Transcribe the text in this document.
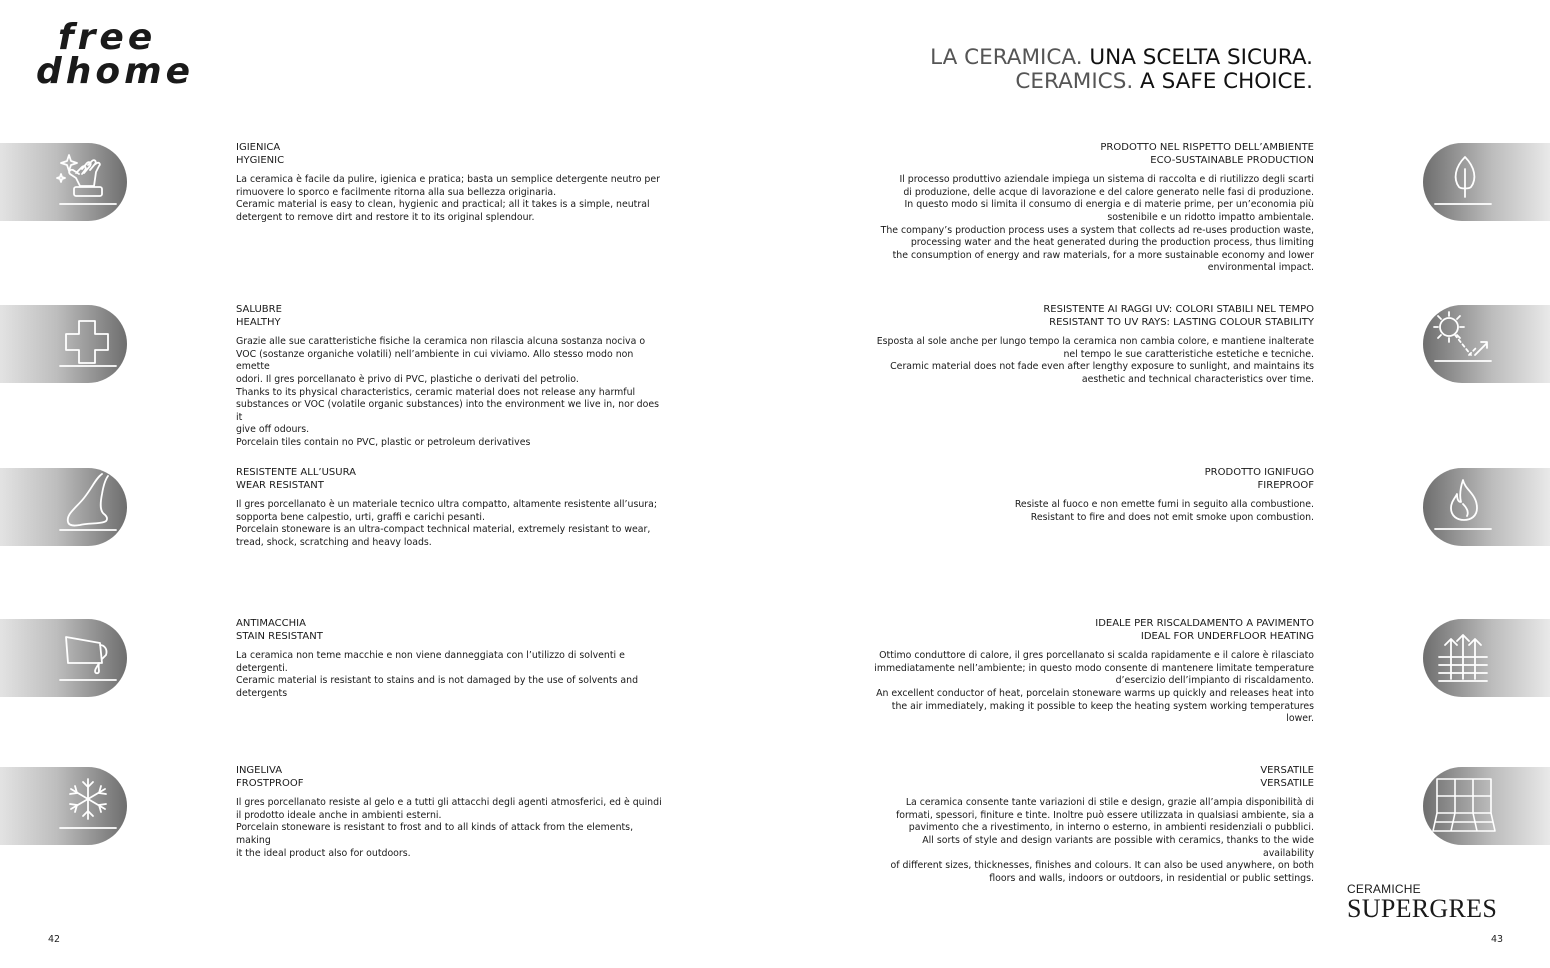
free
dhome	LA CERAMICA. UNA SCELTA SICURA.
CERAMICS. A SAFE CHOICE.
IGIENICA
HYGIENIC
La ceramica è facile da pulire, igienica e pratica; basta un semplice detergente neutro per
rimuovere lo sporco e facilmente ritorna alla sua bellezza originaria.
Ceramic material is easy to clean, hygienic and practical; all it takes is a simple, neutral
detergent to remove dirt and restore it to its original splendour.
SALUBRE
HEALTHY
Grazie alle sue caratteristiche fisiche la ceramica non rilascia alcuna sostanza nociva o
VOC (sostanze organiche volatili) nell’ambiente in cui viviamo. Allo stesso modo non emette
odori. Il gres porcellanato è privo di PVC, plastiche o derivati del petrolio.
Thanks to its physical characteristics, ceramic material does not release any harmful
substances or VOC (volatile organic substances) into the environment we live in, nor does it
give off odours.
Porcelain tiles contain no PVC, plastic or petroleum derivatives
RESISTENTE ALL’USURA
WEAR RESISTANT
Il gres porcellanato è un materiale tecnico ultra compatto, altamente resistente all’usura;
sopporta bene calpestio, urti, graffi e carichi pesanti.
Porcelain stoneware is an ultra-compact technical material, extremely resistant to wear,
tread, shock, scratching and heavy loads.
ANTIMACCHIA
STAIN RESISTANT
La ceramica non teme macchie e non viene danneggiata con l’utilizzo di solventi e
detergenti.
Ceramic material is resistant to stains and is not damaged by the use of solvents and
detergents
INGELIVA
FROSTPROOF
Il gres porcellanato resiste al gelo e a tutti gli attacchi degli agenti atmosferici, ed è quindi
il prodotto ideale anche in ambienti esterni.
Porcelain stoneware is resistant to frost and to all kinds of attack from the elements, making
it the ideal product also for outdoors.
PRODOTTO NEL RISPETTO DELL’AMBIENTE
ECO-SUSTAINABLE PRODUCTION
Il processo produttivo aziendale impiega un sistema di raccolta e di riutilizzo degli scarti
di produzione, delle acque di lavorazione e del calore generato nelle fasi di produzione.
In questo modo si limita il consumo di energia e di materie prime, per un’economia più
sostenibile e un ridotto impatto ambientale.
The company’s production process uses a system that collects ad re-uses production waste,
processing water and the heat generated during the production process, thus limiting
the consumption of energy and raw materials, for a more sustainable economy and lower
environmental impact.
RESISTENTE AI RAGGI UV: COLORI STABILI NEL TEMPO
RESISTANT TO UV RAYS: LASTING COLOUR STABILITY
Esposta al sole anche per lungo tempo la ceramica non cambia colore, e mantiene inalterate
nel tempo le sue caratteristiche estetiche e tecniche.
Ceramic material does not fade even after lengthy exposure to sunlight, and maintains its
aesthetic and technical characteristics over time.
PRODOTTO IGNIFUGO
FIREPROOF
Resiste al fuoco e non emette fumi in seguito alla combustione.
Resistant to fire and does not emit smoke upon combustion.
IDEALE PER RISCALDAMENTO A PAVIMENTO
IDEAL FOR UNDERFLOOR HEATING
Ottimo conduttore di calore, il gres porcellanato si scalda rapidamente e il calore è rilasciato
immediatamente nell’ambiente; in questo modo consente di mantenere limitate temperature
d’esercizio dell’impianto di riscaldamento.
An excellent conductor of heat, porcelain stoneware warms up quickly and releases heat into
the air immediately, making it possible to keep the heating system working temperatures lower.
VERSATILE
VERSATILE
La ceramica consente tante variazioni di stile e design, grazie all’ampia disponibilità di
formati, spessori, finiture e tinte. Inoltre può essere utilizzata in qualsiasi ambiente, sia a
pavimento che a rivestimento, in interno o esterno, in ambienti residenziali o pubblici.
All sorts of style and design variants are possible with ceramics, thanks to the wide availability
of different sizes, thicknesses, finishes and colours. It can also be used anywhere, on both
floors and walls, indoors or outdoors, in residential or public settings.
CERAMICHE
SUPERGRES
42	43
